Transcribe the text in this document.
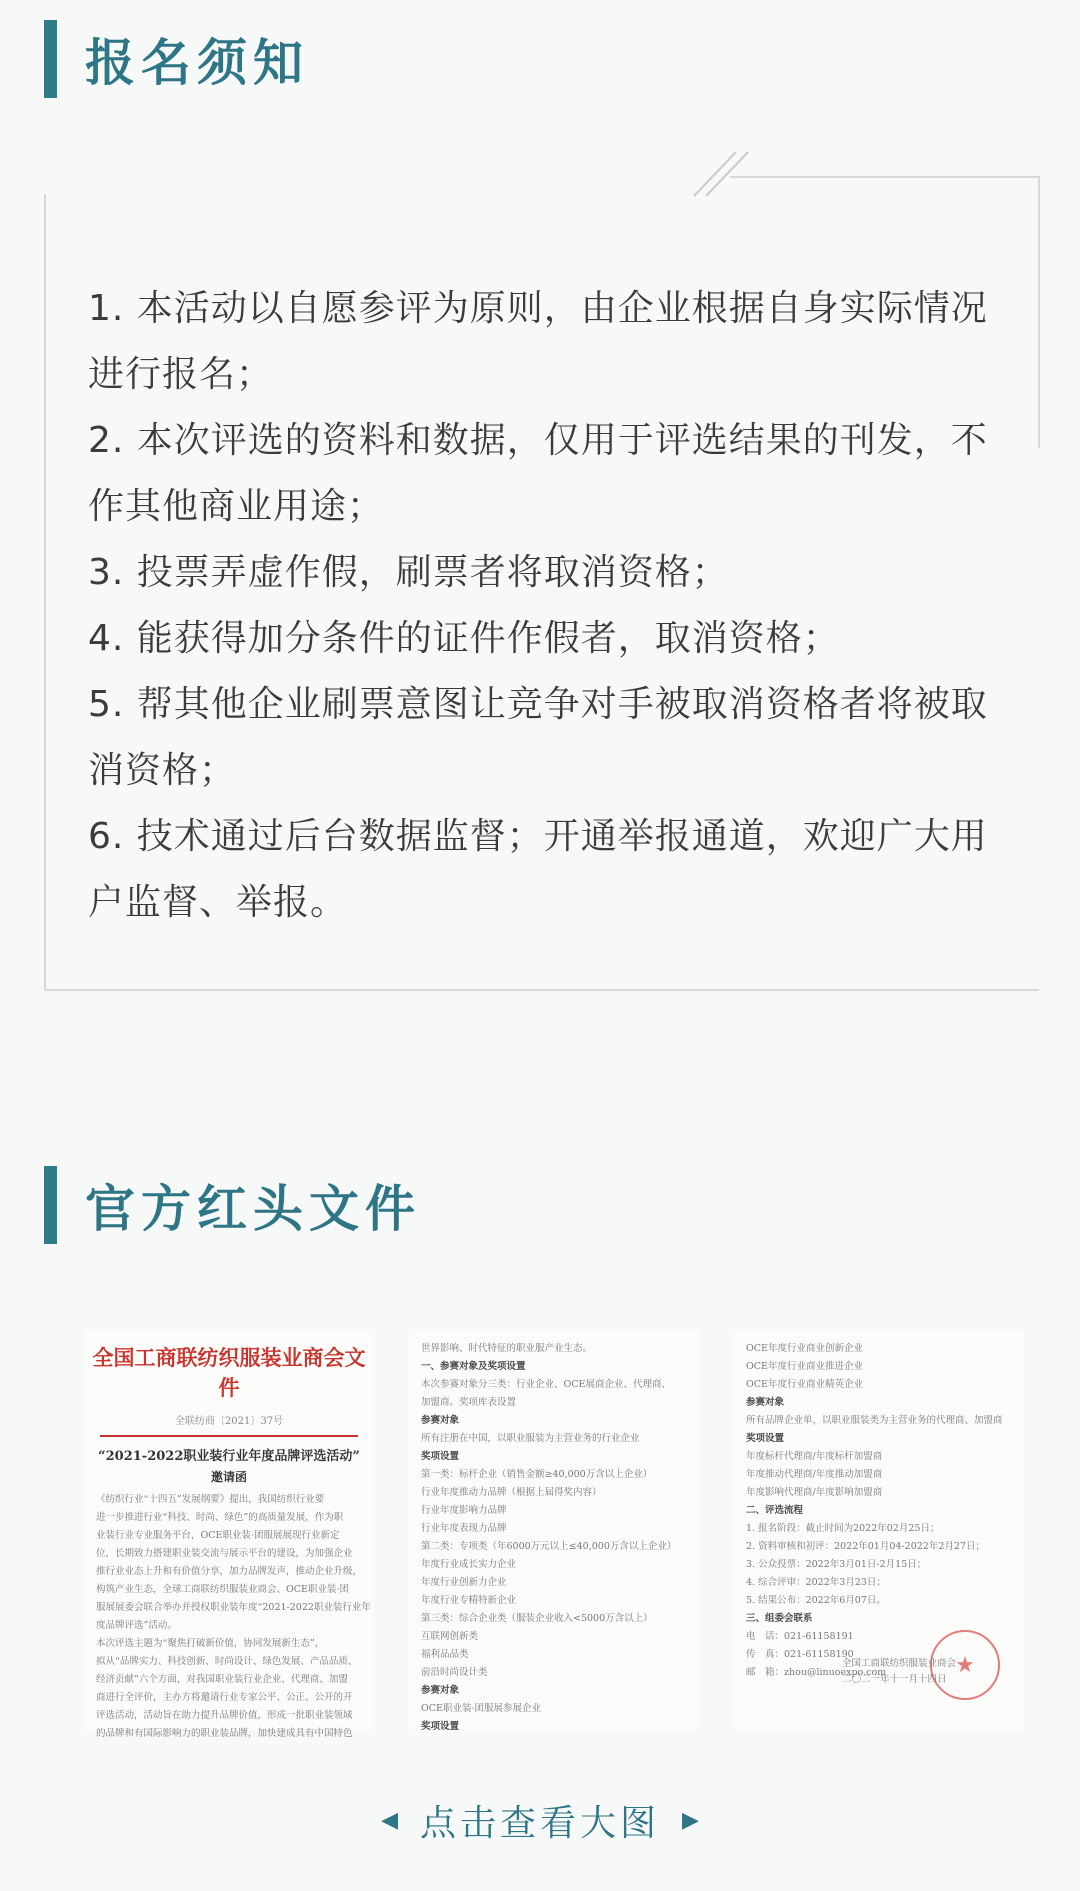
报名须知
1. 本活动以自愿参评为原则，由企业根据自身实际情况进行报名；
2. 本次评选的资料和数据，仅用于评选结果的刊发，不作其他商业用途；
3. 投票弄虚作假，刷票者将取消资格；
4. 能获得加分条件的证件作假者，取消资格；
5. 帮其他企业刷票意图让竞争对手被取消资格者将被取消资格；
6. 技术通过后台数据监督；开通举报通道，欢迎广大用户监督、举报。
官方红头文件
全国工商联纺织服装业商会文件
全联纺商〔2021〕37号
“2021-2022职业装行业年度品牌评选活动”
邀请函
《纺织行业“十四五”发展纲要》提出，我国纺织行业要
进一步推进行业“科技、时尚、绿色”的高质量发展，作为职
业装行业专业服务平台，OCE职业装·团服展展现行业新定
位，长期致力搭建职业装交流与展示平台的建设，为加强企业
推行业业态上升和有价值分享，加力品牌发声，推动企业升级，
构筑产业生态，全球工商联纺织服装业商会、OCE职业装·团
服展展委会联合举办并授权职业装年度“2021-2022职业装行业年
度品牌评选”活动。
本次评选主题为“聚焦打破新价值，协同发展新生态”，
拟从“品牌实力、科技创新、时尚设计、绿色发展、产品品质、
经济贡献”六个方面，对我国职业装行业企业、代理商、加盟
商进行全评价，主办方将邀请行业专家公平、公正、公开的开
评选活动，活动旨在助力提升品牌价值，形成一批职业装领域
的品牌和有国际影响力的职业装品牌，加快建成具有中国特色
世界影响、时代特征的职业服产业生态。
一、参赛对象及奖项设置
本次参赛对象分三类：行业企业、OCE展商企业、代理商、
加盟商。奖项库表设置
参赛对象
所有注册在中国，以职业服装为主营业务的行业企业
奖项设置
第一类：标杆企业（销售金额≥40,000万含以上企业）
行业年度推动力品牌（根据上届得奖内容）
行业年度影响力品牌
行业年度表现力品牌
第二类：专项类（年6000万元以上≤40,000万含以上企业）
年度行业成长实力企业
年度行业创新力企业
年度行业专精特新企业
第三类：综合企业类（服装企业收入<5000万含以上）
互联网创新类
福利品品类
前沿时尚设计类
参赛对象
OCE职业装·团服展参展企业
奖项设置
OCE年度行业商业创新企业
OCE年度行业商业推进企业
OCE年度行业商业精英企业
参赛对象
所有品牌企业单，以职业服装类为主营业务的代理商、加盟商
奖项设置
年度标杆代理商/年度标杆加盟商
年度推动代理商/年度推动加盟商
年度影响代理商/年度影响加盟商
二、评选流程
1. 报名阶段：截止时间为2022年02月25日；
2. 资料审核和初评：2022年01月04-2022年2月27日；
3. 公众投票：2022年3月01日-2月15日；
4. 综合评审：2022年3月23日；
5. 结果公布：2022年6月07日。
三、组委会联系
电　话：021-61158191
传　真：021-61158190
邮　箱：zhou@linuoexpo.com	★
全国工商联纺织服装业商会
二〇二一年十一月十四日
◀ 点击查看大图 ▶
